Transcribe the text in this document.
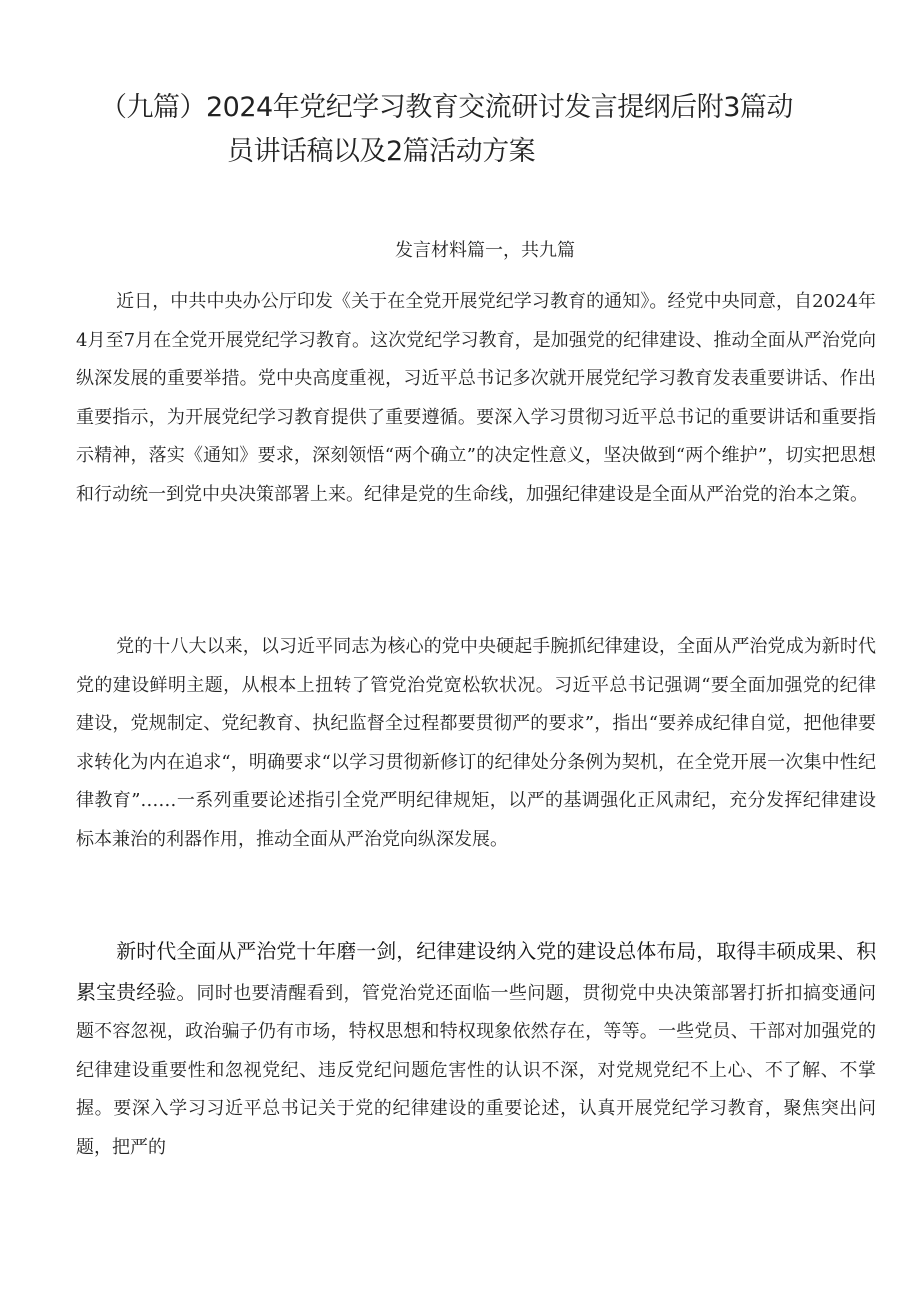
（九篇）2024年党纪学习教育交流研讨发言提纲后附3篇动
员讲话稿以及2篇活动方案
发言材料篇一，共九篇

近日，中共中央办公厅印发《关于在全党开展党纪学习教育的通知》。经党中央同意，自2024年4月至7月在全党开展党纪学习教育。这次党纪学习教育，是加强党的纪律建设、推动全面从严治党向纵深发展的重要举措。党中央高度重视，习近平总书记多次就开展党纪学习教育发表重要讲话、作出重要指示，为开展党纪学习教育提供了重要遵循。要深入学习贯彻习近平总书记的重要讲话和重要指示精神，落实《通知》要求，深刻领悟“两个确立”的决定性意义，坚决做到“两个维护”，切实把思想和行动统一到党中央决策部署上来。纪律是党的生命线，加强纪律建设是全面从严治党的治本之策。

党的十八大以来，以习近平同志为核心的党中央硬起手腕抓纪律建设，全面从严治党成为新时代党的建设鲜明主题，从根本上扭转了管党治党宽松软状况。习近平总书记强调“要全面加强党的纪律建设，党规制定、党纪教育、执纪监督全过程都要贯彻严的要求”，指出“要养成纪律自觉，把他律要求转化为内在追求“，明确要求“以学习贯彻新修订的纪律处分条例为契机，在全党开展一次集中性纪律教育”……一系列重要论述指引全党严明纪律规矩，以严的基调强化正风肃纪，充分发挥纪律建设标本兼治的利器作用，推动全面从严治党向纵深发展。

新时代全面从严治党十年磨一剑，纪律建设纳入党的建设总体布局，取得丰硕成果、积累宝贵经验。同时也要清醒看到，管党治党还面临一些问题，贯彻党中央决策部署打折扣搞变通问题不容忽视，政治骗子仍有市场，特权思想和特权现象依然存在，等等。一些党员、干部对加强党的纪律建设重要性和忽视党纪、违反党纪问题危害性的认识不深，对党规党纪不上心、不了解、不掌握。要深入学习习近平总书记关于党的纪律建设的重要论述，认真开展党纪学习教育，聚焦突出问题，把严的
